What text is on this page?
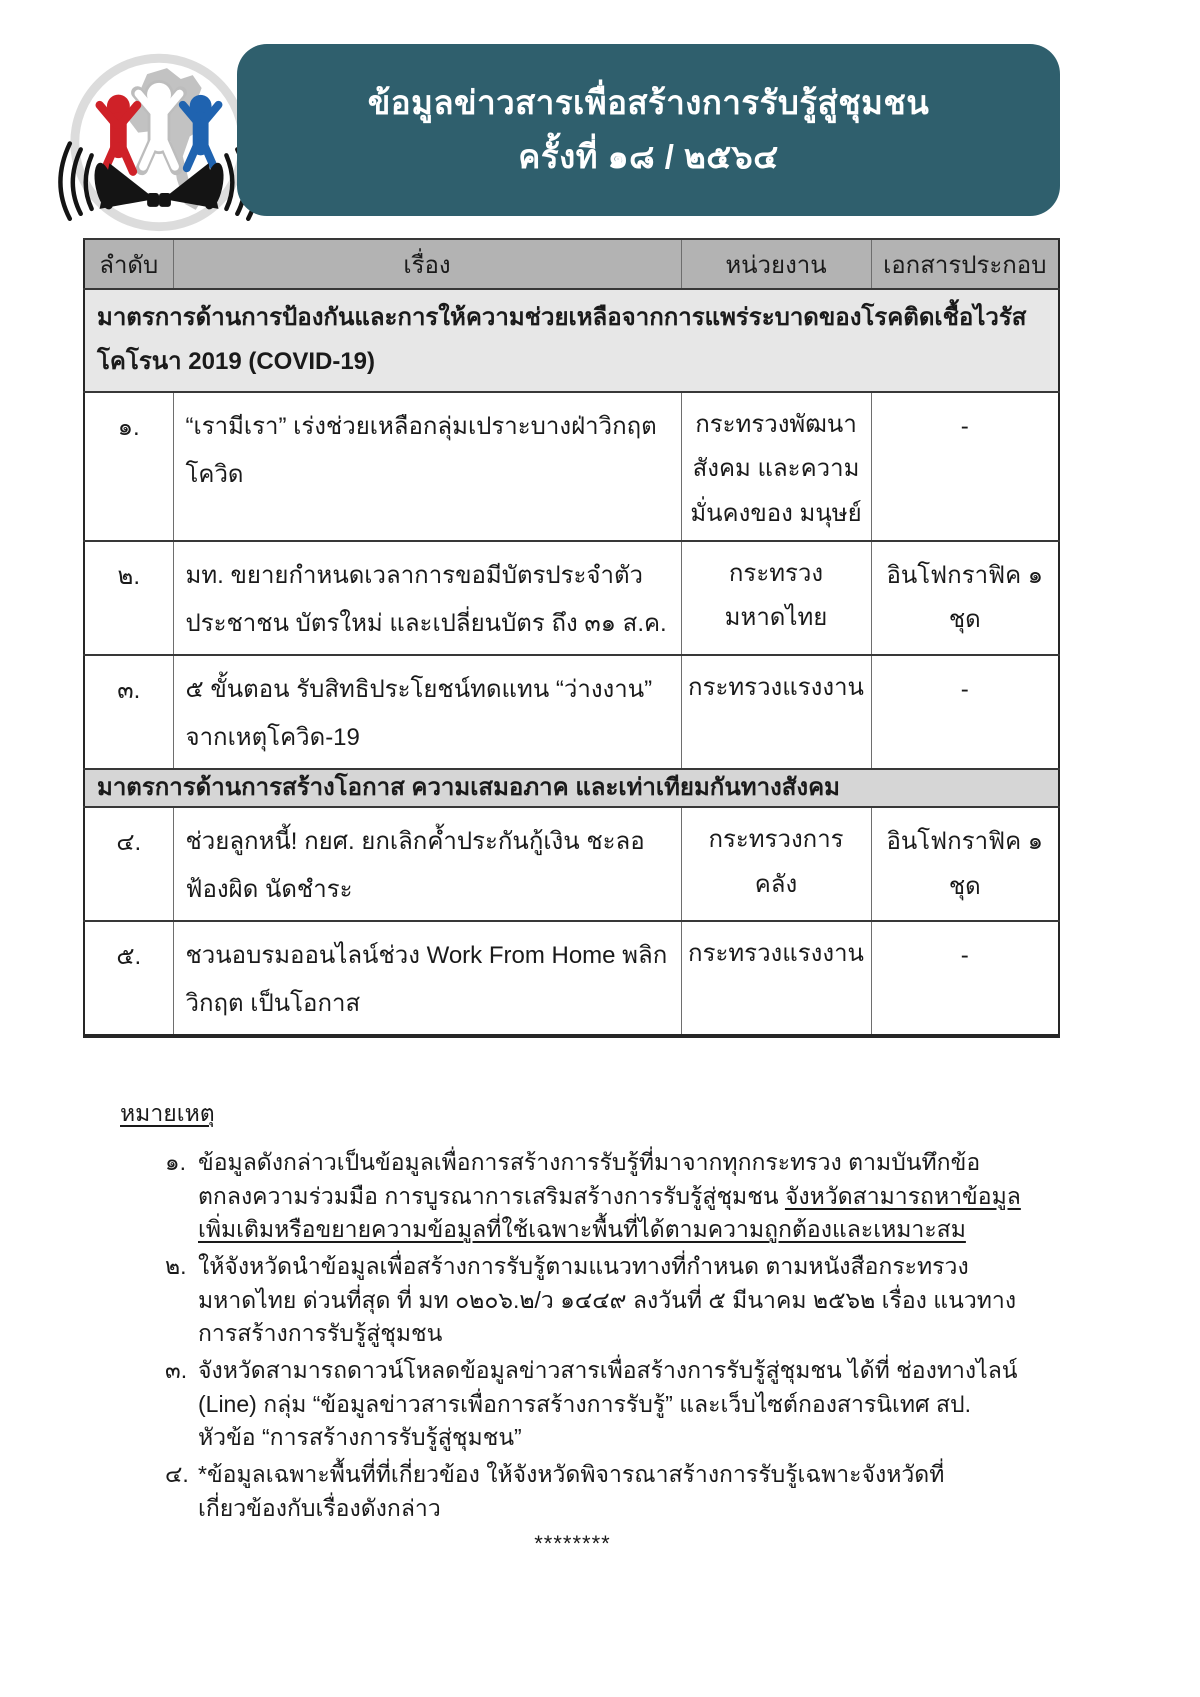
ข้อมูลข่าวสารเพื่อสร้างการรับรู้สู่ชุมชน
ครั้งที่ ๑๘ / ๒๕๖๔
ลำดับ	เรื่อง	หน่วยงาน	เอกสารประกอบ
มาตรการด้านการป้องกันและการให้ความช่วยเหลือจากการแพร่ระบาดของโรคติดเชื้อไวรัสโคโรนา 2019 (COVID-19)			
๑.	“เรามีเรา” เร่งช่วยเหลือกลุ่มเปราะบางฝ่าวิกฤตโควิด	กระทรวงพัฒนาสังคม และความมั่นคงของ มนุษย์	-
๒.	มท. ขยายกำหนดเวลาการขอมีบัตรประจำตัว ประชาชน บัตรใหม่ และเปลี่ยนบัตร ถึง ๓๑ ส.ค.	กระทรวงมหาดไทย	อินโฟกราฟิค ๑ ชุด
๓.	๕ ขั้นตอน รับสิทธิประโยชน์ทดแทน “ว่างงาน” จากเหตุโควิด-19	กระทรวงแรงงาน	-
มาตรการด้านการสร้างโอกาส ความเสมอภาค และเท่าเทียมกันทางสังคม			
๔.	ช่วยลูกหนี้! กยศ. ยกเลิกค้ำประกันกู้เงิน ชะลอฟ้องผิด นัดชำระ	กระทรวงการคลัง	อินโฟกราฟิค ๑ ชุด
๕.	ชวนอบรมออนไลน์ช่วง Work From Home พลิกวิกฤต เป็นโอกาส	กระทรวงแรงงาน	-
หมายเหตุ
๑. ข้อมูลดังกล่าวเป็นข้อมูลเพื่อการสร้างการรับรู้ที่มาจากทุกกระทรวง ตามบันทึกข้อตกลงความร่วมมือ การบูรณาการเสริมสร้างการรับรู้สู่ชุมชน จังหวัดสามารถหาข้อมูลเพิ่มเติมหรือขยายความข้อมูลที่ใช้เฉพาะพื้นที่ได้ตามความถูกต้องและเหมาะสม
๒. ให้จังหวัดนำข้อมูลเพื่อสร้างการรับรู้ตามแนวทางที่กำหนด ตามหนังสือกระทรวงมหาดไทย ด่วนที่สุด ที่ มท ๐๒๐๖.๒/ว ๑๔๔๙ ลงวันที่ ๕ มีนาคม ๒๕๖๒ เรื่อง แนวทางการสร้างการรับรู้สู่ชุมชน
๓. จังหวัดสามารถดาวน์โหลดข้อมูลข่าวสารเพื่อสร้างการรับรู้สู่ชุมชน ได้ที่ ช่องทางไลน์ (Line) กลุ่ม “ข้อมูลข่าวสารเพื่อการสร้างการรับรู้” และเว็บไซต์กองสารนิเทศ สป. หัวข้อ “การสร้างการรับรู้สู่ชุมชน”
๔. *ข้อมูลเฉพาะพื้นที่ที่เกี่ยวข้อง ให้จังหวัดพิจารณาสร้างการรับรู้เฉพาะจังหวัดที่เกี่ยวข้องกับเรื่องดังกล่าว
********
